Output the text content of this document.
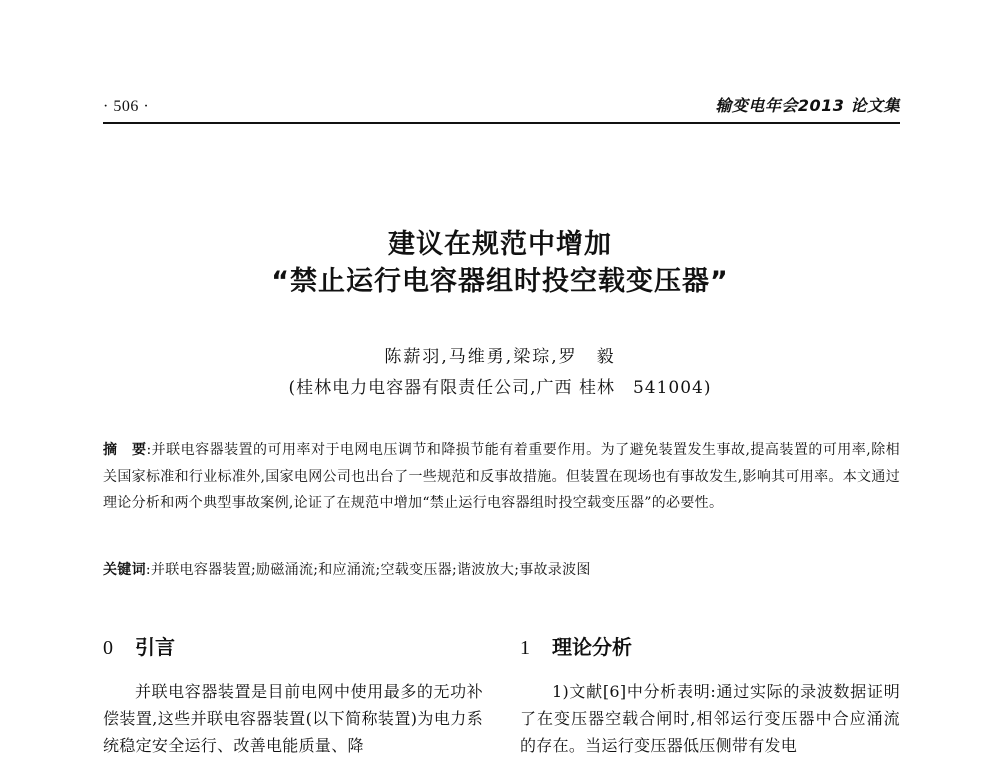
· 506 ·	输变电年会2013 论文集
建议在规范中增加
“禁止运行电容器组时投空载变压器”
陈薪羽,马维勇,梁琮,罗　毅
(桂林电力电容器有限责任公司,广西 桂林　541004)
摘　要:并联电容器装置的可用率对于电网电压调节和降损节能有着重要作用。为了避免装置发生事故,提高装置的可用率,除相关国家标准和行业标准外,国家电网公司也出台了一些规范和反事故措施。但装置在现场也有事故发生,影响其可用率。本文通过理论分析和两个典型事故案例,论证了在规范中增加“禁止运行电容器组时投空载变压器”的必要性。
关键词:并联电容器装置;励磁涌流;和应涌流;空载变压器;谐波放大;事故录波图
0 引言

并联电容器装置是目前电网中使用最多的无功补偿装置,这些并联电容器装置(以下简称装置)为电力系统稳定安全运行、改善电能质量、降

1 理论分析

1)文献[6]中分析表明:通过实际的录波数据证明了在变压器空载合闸时,相邻运行变压器中合应涌流的存在。当运行变压器低压侧带有发电
